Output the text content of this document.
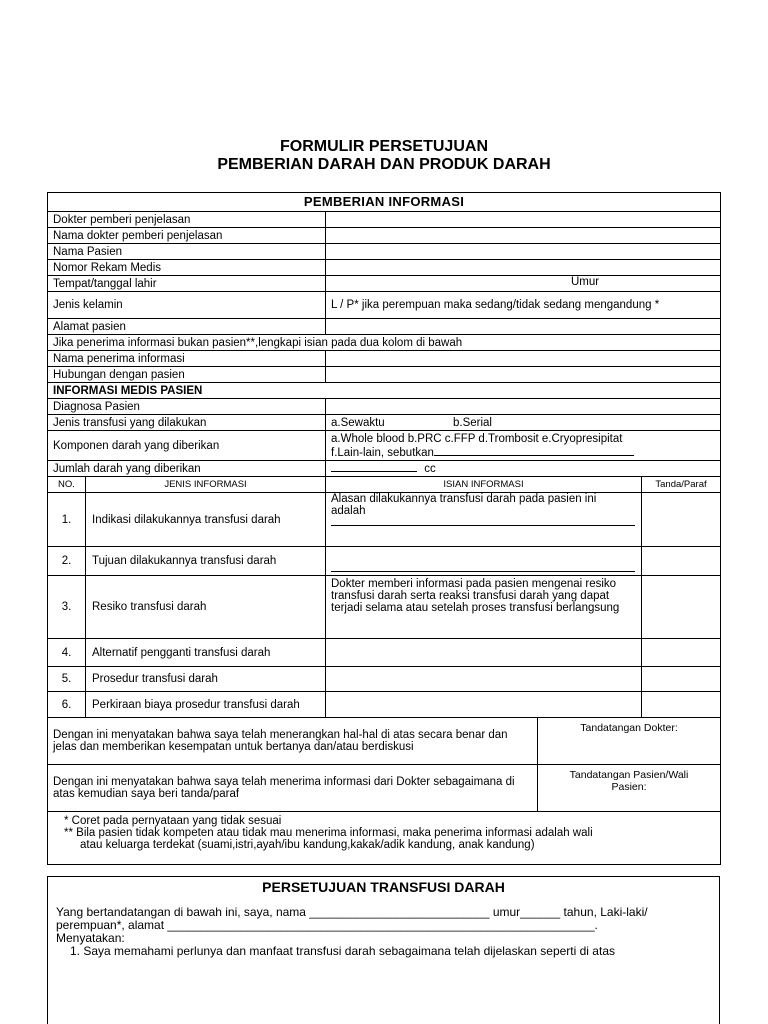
FORMULIR PERSETUJUAN
PEMBERIAN DARAH DAN PRODUK DARAH
PEMBERIAN INFORMASI				
Dokter pemberi penjelasan				
Nama dokter pemberi penjelasan				
Nama Pasien				
Nomor Rekam Medis				
Tempat/tanggal lahir		Umur		
Jenis kelamin		L / P* jika perempuan maka sedang/tidak sedang mengandung *		
Alamat pasien				
Jika penerima informasi bukan pasien**,lengkapi isian pada dua kolom di bawah				
Nama penerima informasi				
Hubungan dengan pasien				
INFORMASI MEDIS PASIEN				
Diagnosa Pasien				
Jenis transfusi yang dilakukan		a.Sewaktu b.Serial		
Komponen darah yang diberikan		a.Whole blood b.PRC c.FFP d.Trombosit e.Cryopresipitat
f.Lain-lain, sebutkan		

Jumlah darah yang diberikan		cc		
NO.	JENIS INFORMASI	ISIAN INFORMASI		Tanda/Paraf
1.	Indikasi dilakukannya transfusi darah	Alasan dilakukannya transfusi darah pada pasien ini adalah		

2.	Tujuan dilakukannya transfusi darah			
3.	Resiko transfusi darah	Dokter memberi informasi pada pasien mengenai resiko transfusi darah serta reaksi transfusi darah yang dapat terjadi selama atau setelah proses transfusi berlangsung		
4.	Alternatif pengganti transfusi darah			
5.	Prosedur transfusi darah			
6.	Perkiraan biaya prosedur transfusi darah			
Dengan ini menyatakan bahwa saya telah menerangkan hal-hal di atas secara benar dan jelas dan memberikan kesempatan untuk bertanya dan/atau berdiskusi			Tandatangan Dokter:	
Dengan ini menyatakan bahwa saya telah menerima informasi dari Dokter sebagaimana di atas kemudian saya beri tanda/paraf			Tandatangan Pasien/Wali Pasien:	

* Coret pada pernyataan yang tidak sesuai
** Bila pasien tidak kompeten atau tidak mau menerima informasi, maka penerima informasi adalah wali
atau keluarga terdekat (suami,istri,ayah/ibu kandung,kakak/adik kandung, anak kandung)				
PERSETUJUAN TRANSFUSI DARAH

Yang bertandatangan di bawah ini, saya, nama ___________________________ umur______ tahun, Laki-laki/

perempuan*, alamat ________________________________________________________________.

Menyatakan:

1. Saya memahami perlunya dan manfaat transfusi darah sebagaimana telah dijelaskan seperti di atas
